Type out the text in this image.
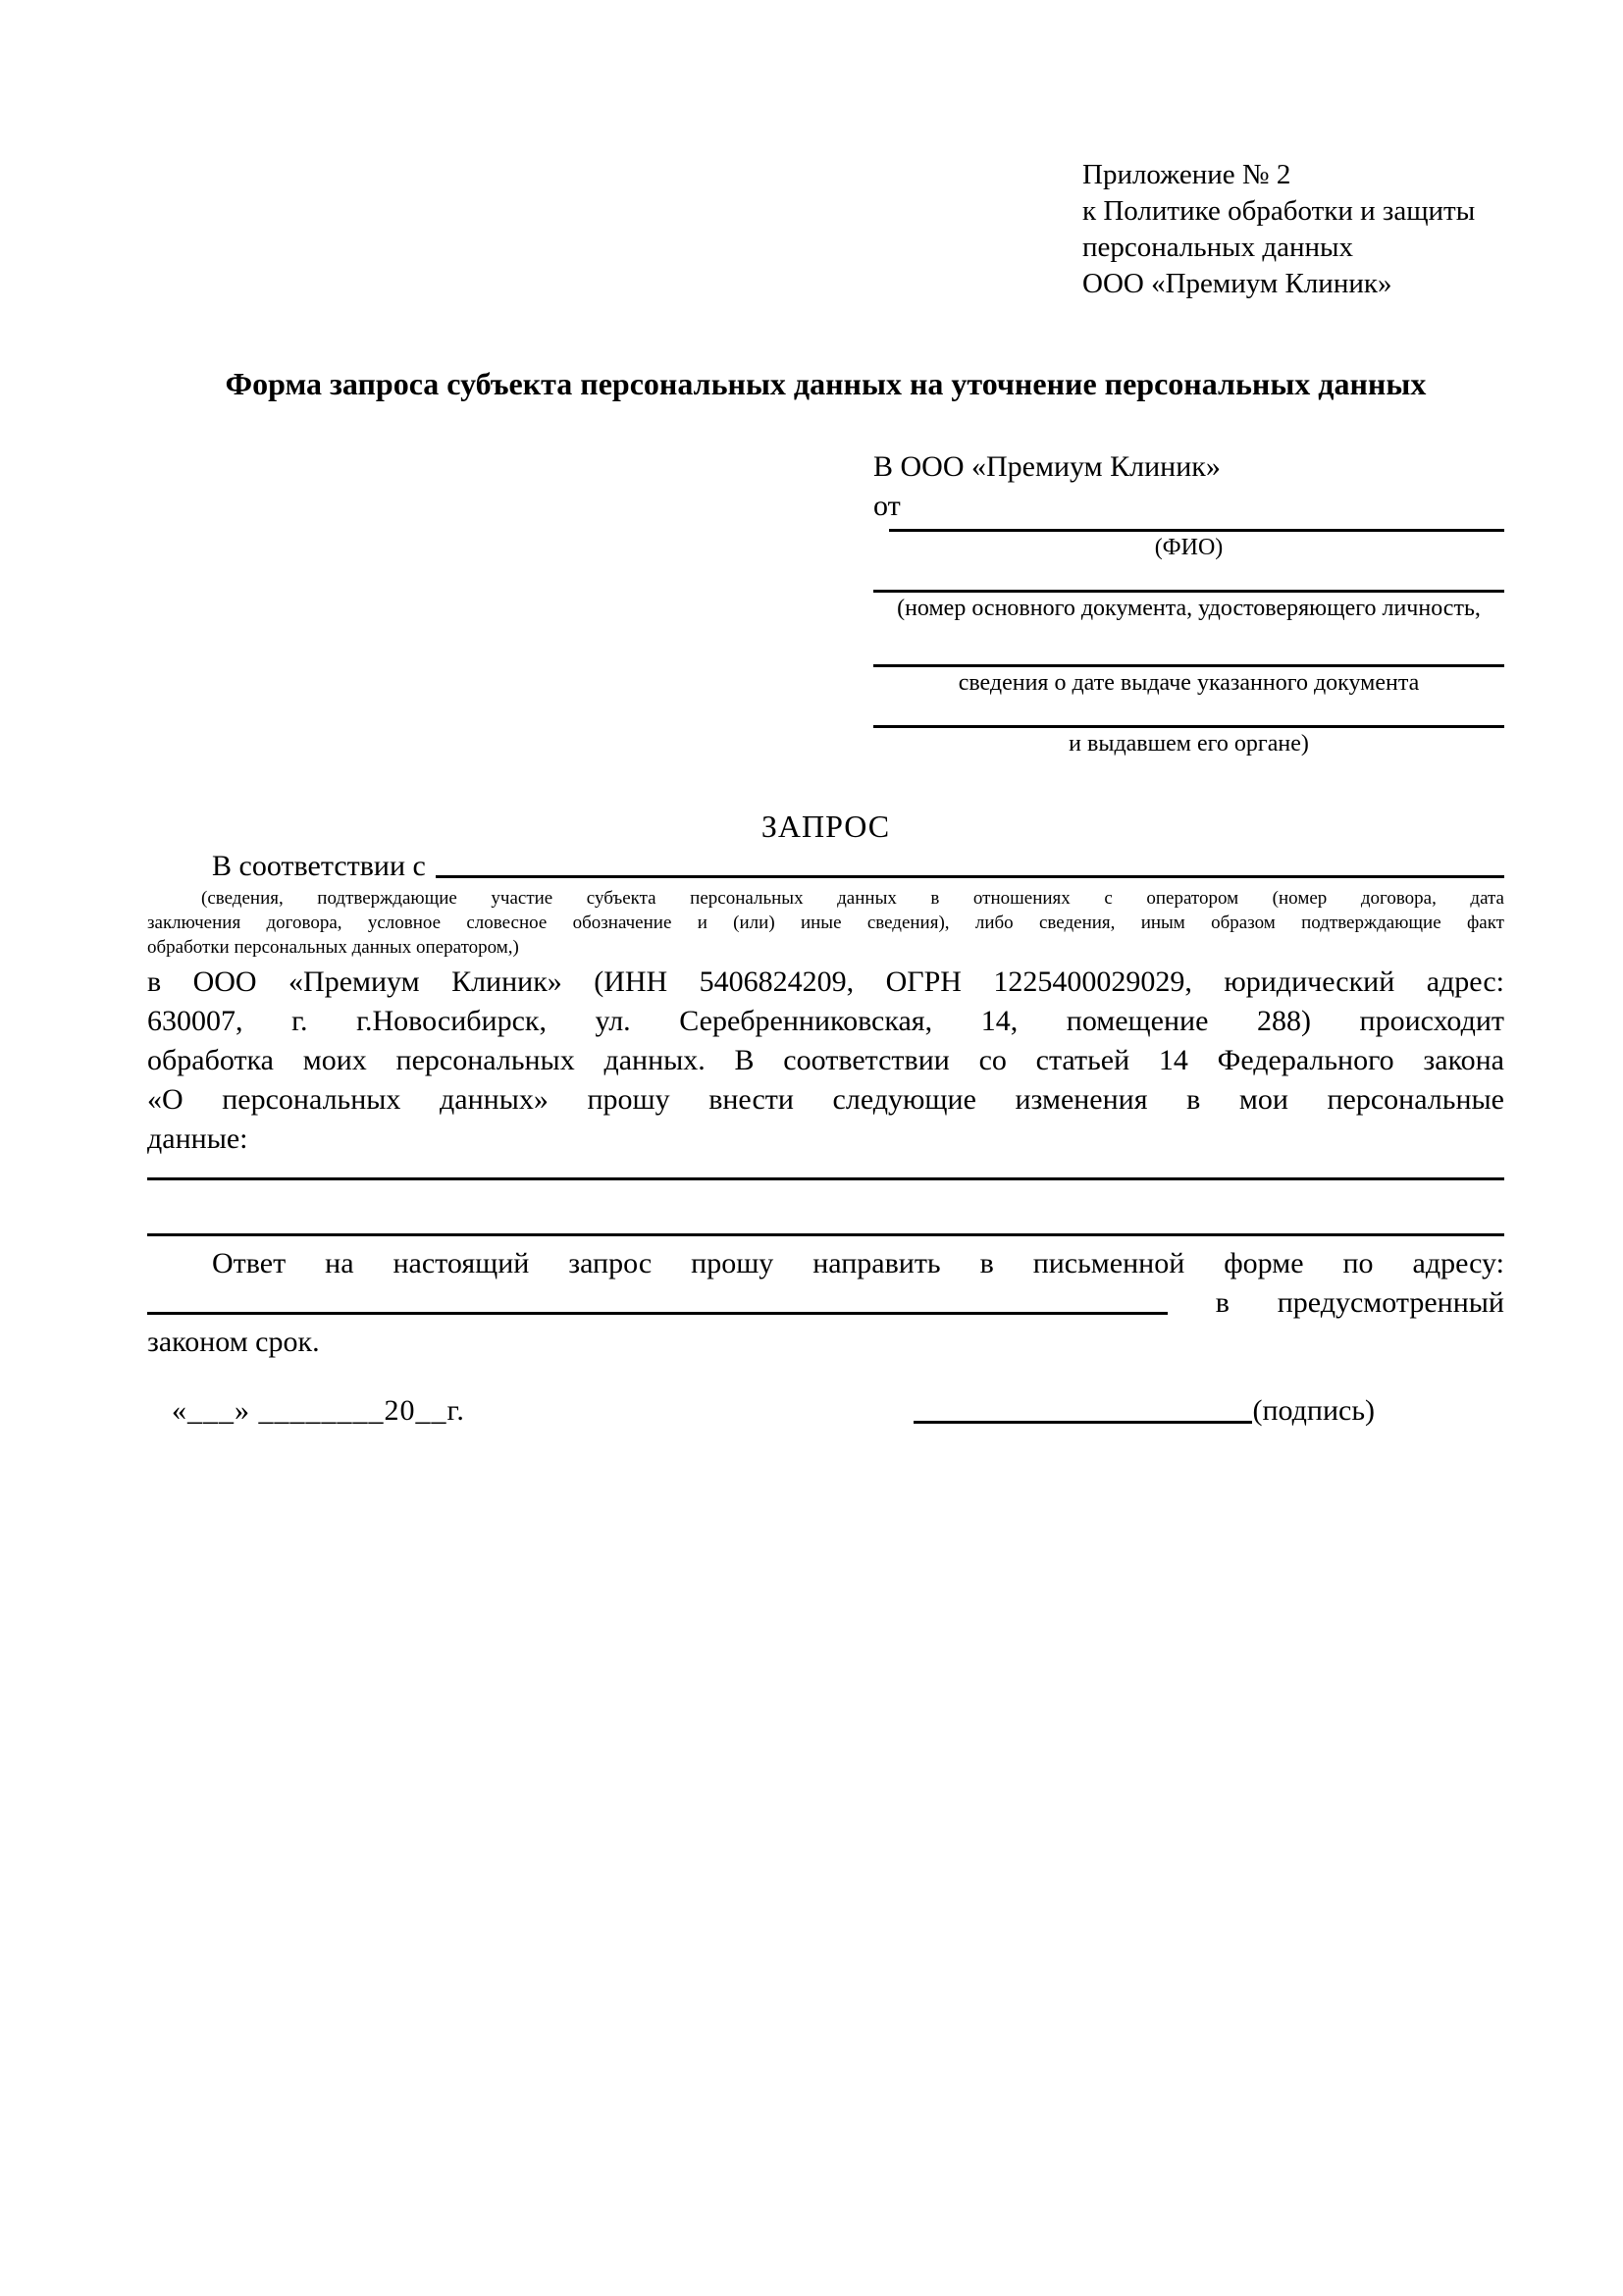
Приложение № 2
к Политике обработки и защиты
персональных данных
ООО «Премиум Клиник»
Форма запроса субъекта персональных данных на уточнение персональных данных
В ООО «Премиум Клиник»
от
(ФИО)
(номер основного документа, удостоверяющего личность,
сведения о дате выдаче указанного документа
и выдавшем его органе)
ЗАПРОС
В соответствии с
(сведения, подтверждающие участие субъекта персональных данных в отношениях с оператором (номер договора, дата
заключения договора, условное словесное обозначение и (или) иные сведения), либо сведения, иным образом подтверждающие факт
обработки персональных данных оператором,)
в ООО «Премиум Клиник» (ИНН 5406824209, ОГРН 1225400029029, юридический адрес:
630007, г. г.Новосибирск, ул. Серебренниковская, 14, помещение 288) происходит
обработка моих персональных данных. В соответствии со статьей 14 Федерального закона
«О персональных данных» прошу внести следующие изменения в мои персональные
данные:
Ответ на настоящий запрос прошу направить в письменной форме по адресу:
в предусмотренный
законом срок.
«___» ________20__г.	(подпись)
